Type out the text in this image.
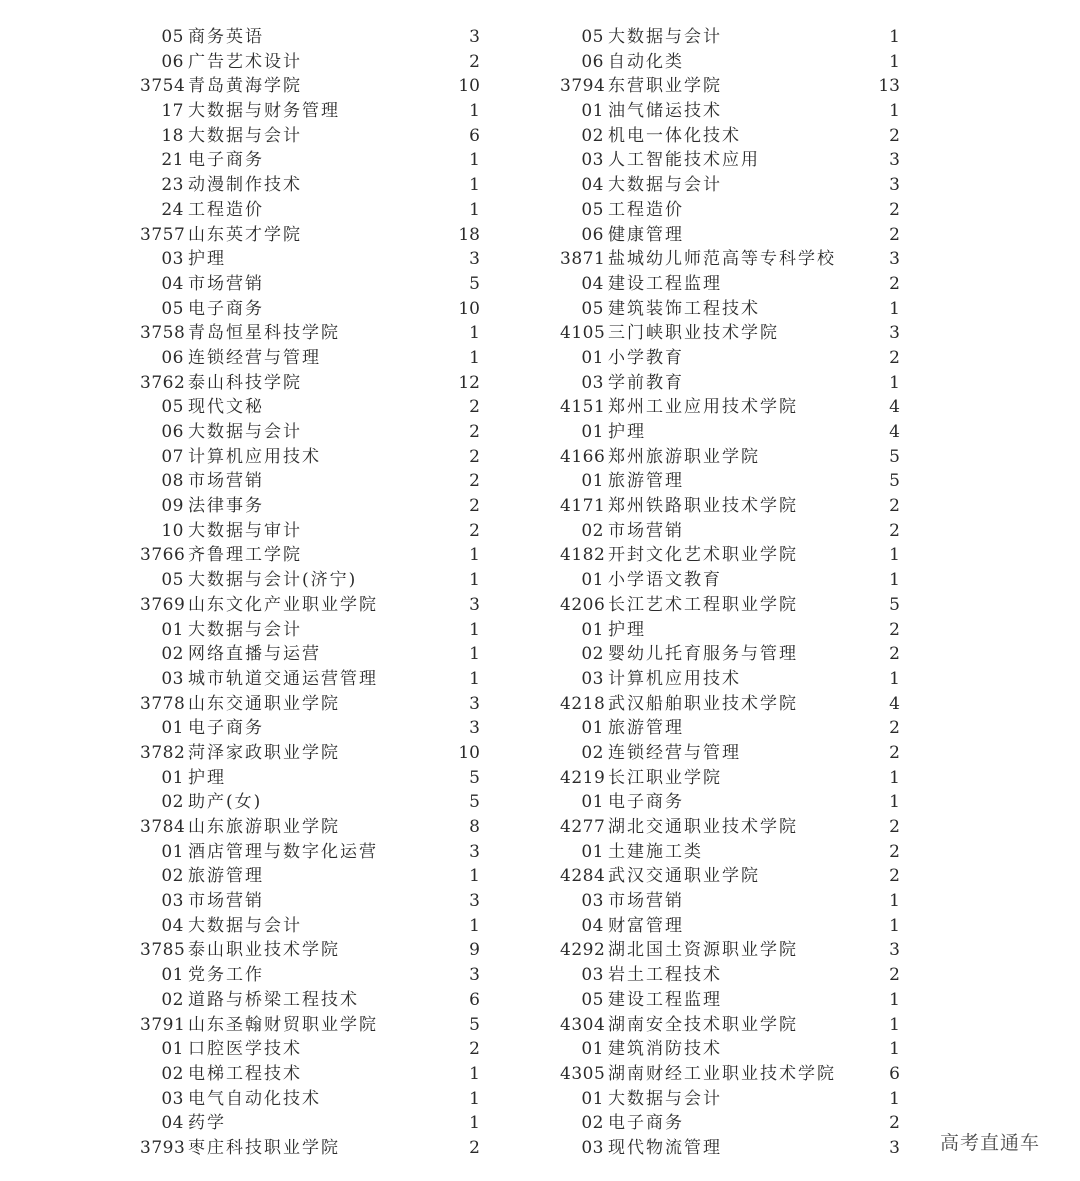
05 商务英语	3
06 广告艺术设计	2
3754 青岛黄海学院	10
17 大数据与财务管理	1
18 大数据与会计	6
21 电子商务	1
23 动漫制作技术	1
24 工程造价	1
3757 山东英才学院	18
03 护理	3
04 市场营销	5
05 电子商务	10
3758 青岛恒星科技学院	1
06 连锁经营与管理	1
3762 泰山科技学院	12
05 现代文秘	2
06 大数据与会计	2
07 计算机应用技术	2
08 市场营销	2
09 法律事务	2
10 大数据与审计	2
3766 齐鲁理工学院	1
05 大数据与会计(济宁)	1
3769 山东文化产业职业学院	3
01 大数据与会计	1
02 网络直播与运营	1
03 城市轨道交通运营管理	1
3778 山东交通职业学院	3
01 电子商务	3
3782 菏泽家政职业学院	10
01 护理	5
02 助产(女)	5
3784 山东旅游职业学院	8
01 酒店管理与数字化运营	3
02 旅游管理	1
03 市场营销	3
04 大数据与会计	1
3785 泰山职业技术学院	9
01 党务工作	3
02 道路与桥梁工程技术	6
3791 山东圣翰财贸职业学院	5
01 口腔医学技术	2
02 电梯工程技术	1
03 电气自动化技术	1
04 药学	1
3793 枣庄科技职业学院	2
05 大数据与会计	1
06 自动化类	1
3794 东营职业学院	13
01 油气储运技术	1
02 机电一体化技术	2
03 人工智能技术应用	3
04 大数据与会计	3
05 工程造价	2
06 健康管理	2
3871 盐城幼儿师范高等专科学校	3
04 建设工程监理	2
05 建筑装饰工程技术	1
4105 三门峡职业技术学院	3
01 小学教育	2
03 学前教育	1
4151 郑州工业应用技术学院	4
01 护理	4
4166 郑州旅游职业学院	5
01 旅游管理	5
4171 郑州铁路职业技术学院	2
02 市场营销	2
4182 开封文化艺术职业学院	1
01 小学语文教育	1
4206 长江艺术工程职业学院	5
01 护理	2
02 婴幼儿托育服务与管理	2
03 计算机应用技术	1
4218 武汉船舶职业技术学院	4
01 旅游管理	2
02 连锁经营与管理	2
4219 长江职业学院	1
01 电子商务	1
4277 湖北交通职业技术学院	2
01 土建施工类	2
4284 武汉交通职业学院	2
03 市场营销	1
04 财富管理	1
4292 湖北国土资源职业学院	3
03 岩土工程技术	2
05 建设工程监理	1
4304 湖南安全技术职业学院	1
01 建筑消防技术	1
4305 湖南财经工业职业技术学院	6
01 大数据与会计	1
02 电子商务	2
03 现代物流管理	3 高考直通车
